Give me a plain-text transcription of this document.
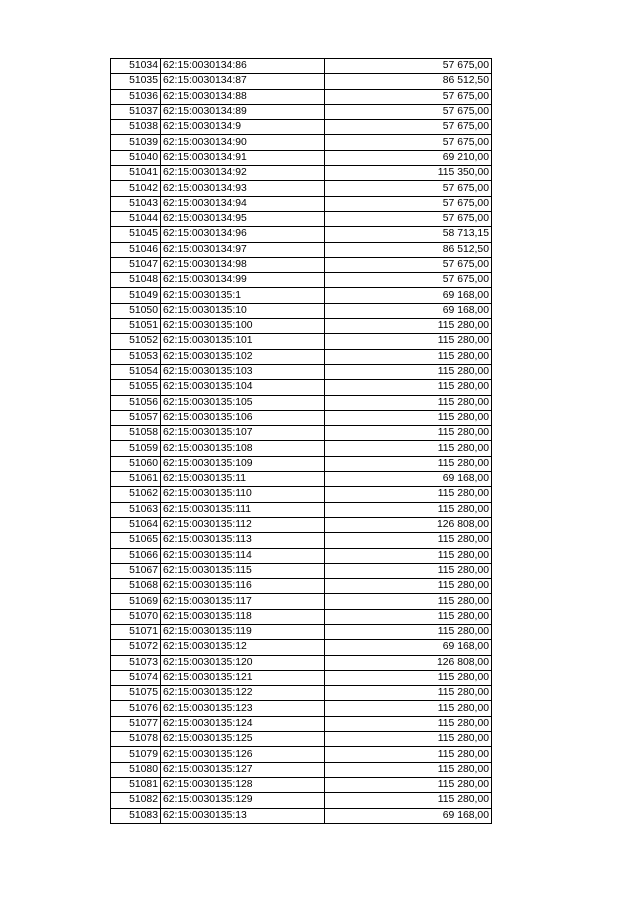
51034	62:15:0030134:86	57 675,00
51035	62:15:0030134:87	86 512,50
51036	62:15:0030134:88	57 675,00
51037	62:15:0030134:89	57 675,00
51038	62:15:0030134:9	57 675,00
51039	62:15:0030134:90	57 675,00
51040	62:15:0030134:91	69 210,00
51041	62:15:0030134:92	115 350,00
51042	62:15:0030134:93	57 675,00
51043	62:15:0030134:94	57 675,00
51044	62:15:0030134:95	57 675,00
51045	62:15:0030134:96	58 713,15
51046	62:15:0030134:97	86 512,50
51047	62:15:0030134:98	57 675,00
51048	62:15:0030134:99	57 675,00
51049	62:15:0030135:1	69 168,00
51050	62:15:0030135:10	69 168,00
51051	62:15:0030135:100	115 280,00
51052	62:15:0030135:101	115 280,00
51053	62:15:0030135:102	115 280,00
51054	62:15:0030135:103	115 280,00
51055	62:15:0030135:104	115 280,00
51056	62:15:0030135:105	115 280,00
51057	62:15:0030135:106	115 280,00
51058	62:15:0030135:107	115 280,00
51059	62:15:0030135:108	115 280,00
51060	62:15:0030135:109	115 280,00
51061	62:15:0030135:11	69 168,00
51062	62:15:0030135:110	115 280,00
51063	62:15:0030135:111	115 280,00
51064	62:15:0030135:112	126 808,00
51065	62:15:0030135:113	115 280,00
51066	62:15:0030135:114	115 280,00
51067	62:15:0030135:115	115 280,00
51068	62:15:0030135:116	115 280,00
51069	62:15:0030135:117	115 280,00
51070	62:15:0030135:118	115 280,00
51071	62:15:0030135:119	115 280,00
51072	62:15:0030135:12	69 168,00
51073	62:15:0030135:120	126 808,00
51074	62:15:0030135:121	115 280,00
51075	62:15:0030135:122	115 280,00
51076	62:15:0030135:123	115 280,00
51077	62:15:0030135:124	115 280,00
51078	62:15:0030135:125	115 280,00
51079	62:15:0030135:126	115 280,00
51080	62:15:0030135:127	115 280,00
51081	62:15:0030135:128	115 280,00
51082	62:15:0030135:129	115 280,00
51083	62:15:0030135:13	69 168,00
